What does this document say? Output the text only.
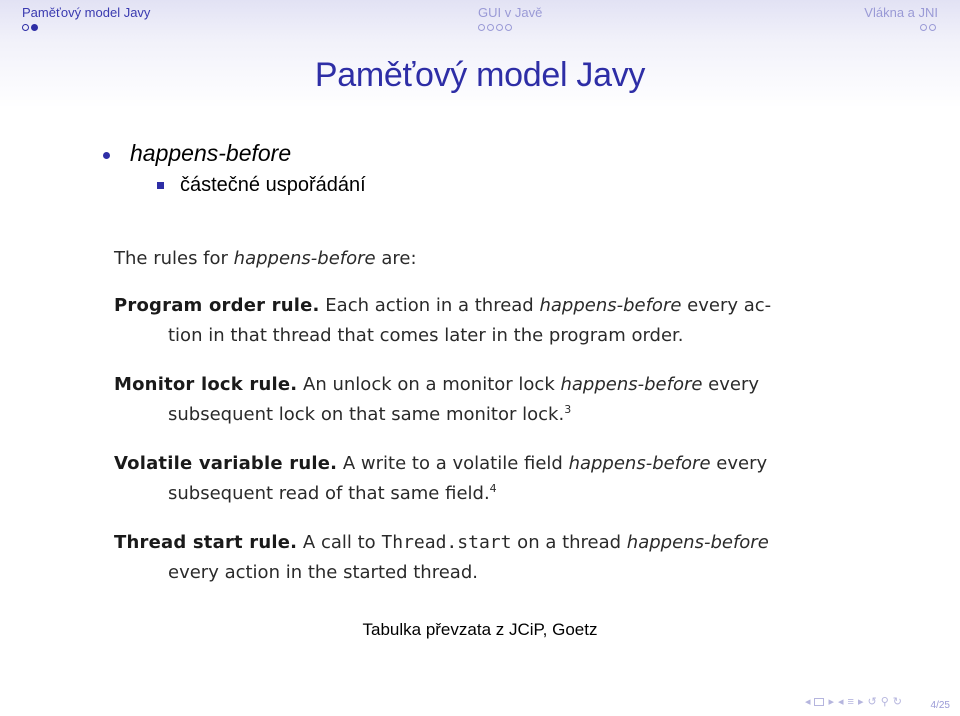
Paměťový model Javy	GUI v Javě	Vláknа a JNI
Paměťový model Javy
happens-before
částečné uspořádání

The rules for happens-before are:

Program order rule. Each action in a thread happens-before every ac-
tion in that thread that comes later in the program order.
Monitor lock rule. An unlock on a monitor lock happens-before every
subsequent lock on that same monitor lock.$^3$
Volatile variable rule. A write to a volatile field happens-before every
subsequent read of that same field.$^4$
Thread start rule. A call to Thread.start on a thread happens-before
every action in the started thread.
Tabulka převzata z JCiP, Goetz
◂ ▸ ◂ ≡ ▸ ↺ ⚲ ↻	4/25
